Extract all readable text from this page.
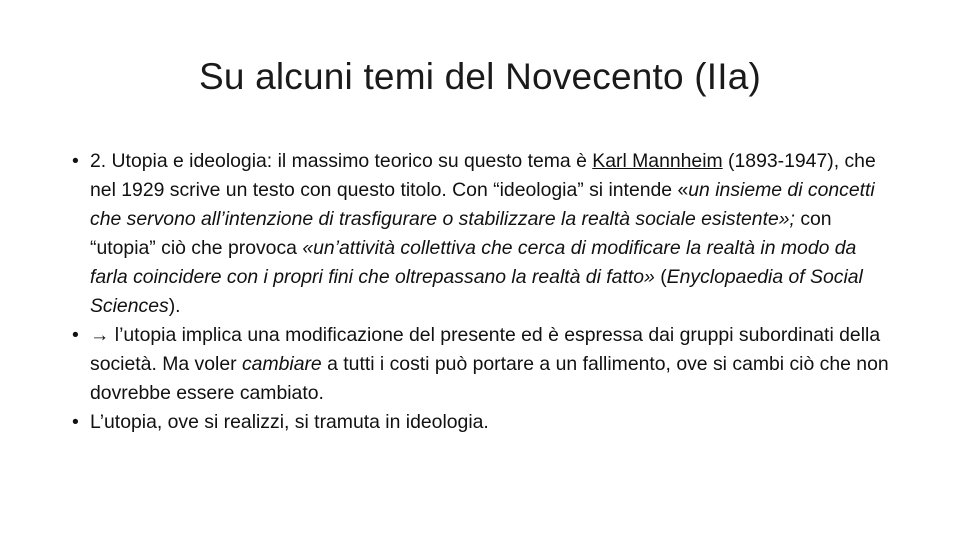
Su alcuni temi del Novecento (IIa)
• 2. Utopia e ideologia: il massimo teorico su questo tema è Karl Mannheim (1893-1947), che nel 1929 scrive un testo con questo titolo. Con “ideologia” si intende «un insieme di concetti che servono all’intenzione di trasfigurare o stabilizzare la realtà sociale esistente»; con “utopia” ciò che provoca «un’attività collettiva che cerca di modificare la realtà in modo da farla coincidere con i propri fini che oltrepassano la realtà di fatto» (Enyclopaedia of Social Sciences).
• → l’utopia implica una modificazione del presente ed è espressa dai gruppi subordinati della società. Ma voler cambiare a tutti i costi può portare a un fallimento, ove si cambi ciò che non dovrebbe essere cambiato.
• L’utopia, ove si realizzi, si tramuta in ideologia.
